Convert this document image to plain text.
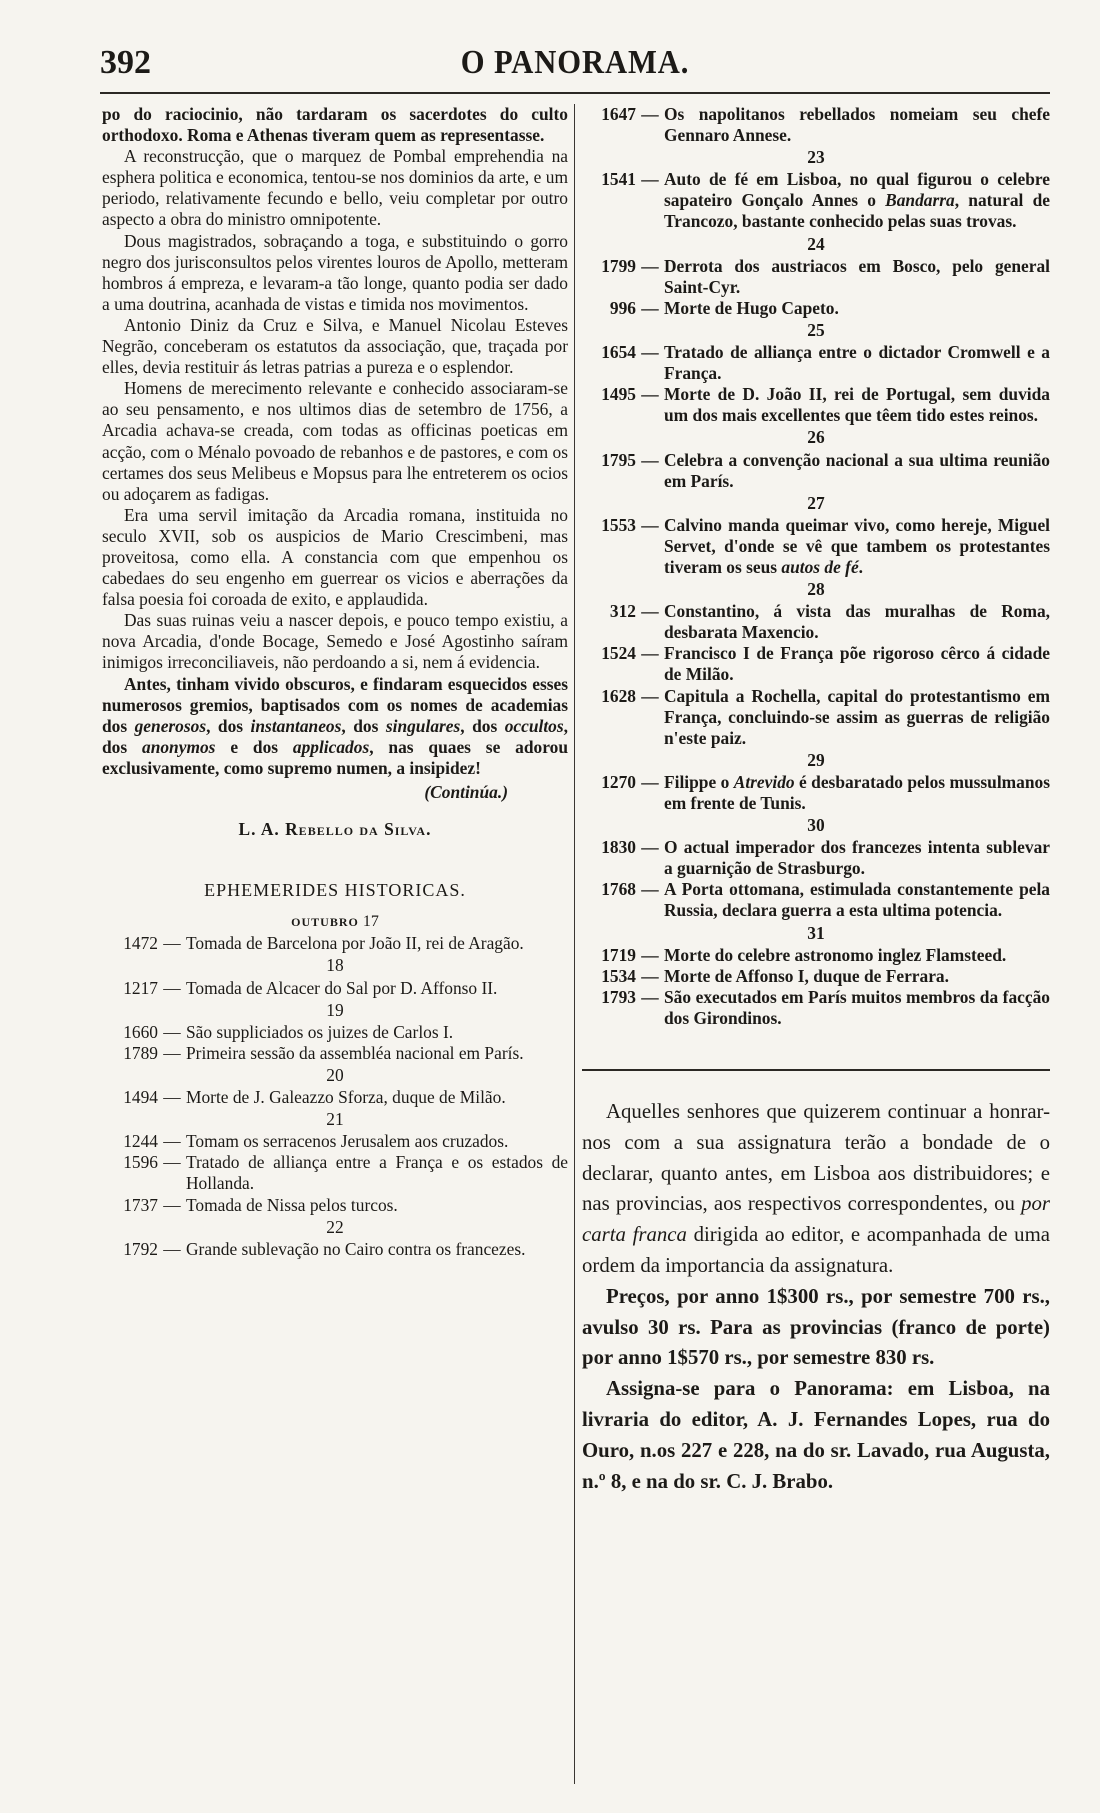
392	O PANORAMA.

po do raciocinio, não tardaram os sacerdotes do culto orthodoxo. Roma e Athenas tiveram quem as representasse.

A reconstrucção, que o marquez de Pombal emprehendia na esphera politica e economica, tentou-se nos dominios da arte, e um periodo, relativamente fecundo e bello, veiu completar por outro aspecto a obra do ministro omnipotente.

Dous magistrados, sobraçando a toga, e substituindo o gorro negro dos jurisconsultos pelos virentes louros de Apollo, metteram hombros á empreza, e levaram-a tão longe, quanto podia ser dado a uma doutrina, acanhada de vistas e timida nos movimentos.

Antonio Diniz da Cruz e Silva, e Manuel Nicolau Esteves Negrão, conceberam os estatutos da associação, que, traçada por elles, devia restituir ás letras patrias a pureza e o esplendor.

Homens de merecimento relevante e conhecido associaram-se ao seu pensamento, e nos ultimos dias de setembro de 1756, a Arcadia achava-se creada, com todas as officinas poeticas em acção, com o Ménalo povoado de rebanhos e de pastores, e com os certames dos seus Melibeus e Mopsus para lhe entreterem os ocios ou adoçarem as fadigas.

Era uma servil imitação da Arcadia romana, instituida no seculo XVII, sob os auspicios de Mario Crescimbeni, mas proveitosa, como ella. A constancia com que empenhou os cabedaes do seu engenho em guerrear os vicios e aberrações da falsa poesia foi coroada de exito, e applaudida.

Das suas ruinas veiu a nascer depois, e pouco tempo existiu, a nova Arcadia, d'onde Bocage, Semedo e José Agostinho saíram inimigos irreconciliaveis, não perdoando a si, nem á evidencia.

Antes, tinham vivido obscuros, e findaram esquecidos esses numerosos gremios, baptisados com os nomes de academias dos generosos, dos instantaneos, dos singulares, dos occultos, dos anonymos e dos applicados, nas quaes se adorou exclusivamente, como supremo numen, a insipidez!

(Continúa.)
L. A. Rebello da Silva.
EPHEMERIDES HISTORICAS.
OUTUBRO 17
1472 — Tomada de Barcelona por João II, rei de Aragão.
18
1217 — Tomada de Alcacer do Sal por D. Affonso II.
19
1660 — São suppliciados os juizes de Carlos I.
1789 — Primeira sessão da assembléa nacional em París.
20
1494 — Morte de J. Galeazzo Sforza, duque de Milão.
21
1244 — Tomam os serracenos Jerusalem aos cruzados.
1596 — Tratado de alliança entre a França e os estados de Hollanda.
1737 — Tomada de Nissa pelos turcos.
22
1792 — Grande sublevação no Cairo contra os francezes.
1647 — Os napolitanos rebellados nomeiam seu chefe Gennaro Annese.
23
1541 — Auto de fé em Lisboa, no qual figurou o celebre sapateiro Gonçalo Annes o Bandarra, natural de Trancozo, bastante conhecido pelas suas trovas.
24
1799 — Derrota dos austriacos em Bosco, pelo general Saint-Cyr.
996 — Morte de Hugo Capeto.
25
1654 — Tratado de alliança entre o dictador Cromwell e a França.
1495 — Morte de D. João II, rei de Portugal, sem duvida um dos mais excellentes que têem tido estes reinos.
26
1795 — Celebra a convenção nacional a sua ultima reunião em París.
27
1553 — Calvino manda queimar vivo, como hereje, Miguel Servet, d'onde se vê que tambem os protestantes tiveram os seus autos de fé.
28
312 — Constantino, á vista das muralhas de Roma, desbarata Maxencio.
1524 — Francisco I de França põe rigoroso cêrco á cidade de Milão.
1628 — Capitula a Rochella, capital do protestantismo em França, concluindo-se assim as guerras de religião n'este paiz.
29
1270 — Filippe o Atrevido é desbaratado pelos mussulmanos em frente de Tunis.
30
1830 — O actual imperador dos francezes intenta sublevar a guarnição de Strasburgo.
1768 — A Porta ottomana, estimulada constantemente pela Russia, declara guerra a esta ultima potencia.
31
1719 — Morte do celebre astronomo inglez Flamsteed.
1534 — Morte de Affonso I, duque de Ferrara.
1793 — São executados em París muitos membros da facção dos Girondinos.

Aquelles senhores que quizerem continuar a honrar-nos com a sua assignatura terão a bondade de o declarar, quanto antes, em Lisboa aos distribuidores; e nas provincias, aos respectivos correspondentes, ou por carta franca dirigida ao editor, e acompanhada de uma ordem da importancia da assignatura.

Preços, por anno 1$300 rs., por semestre 700 rs., avulso 30 rs. Para as provincias (franco de porte) por anno 1$570 rs., por semestre 830 rs.

Assigna-se para o Panorama: em Lisboa, na livraria do editor, A. J. Fernandes Lopes, rua do Ouro, n.os 227 e 228, na do sr. Lavado, rua Augusta, n.º 8, e na do sr. C. J. Brabo.
